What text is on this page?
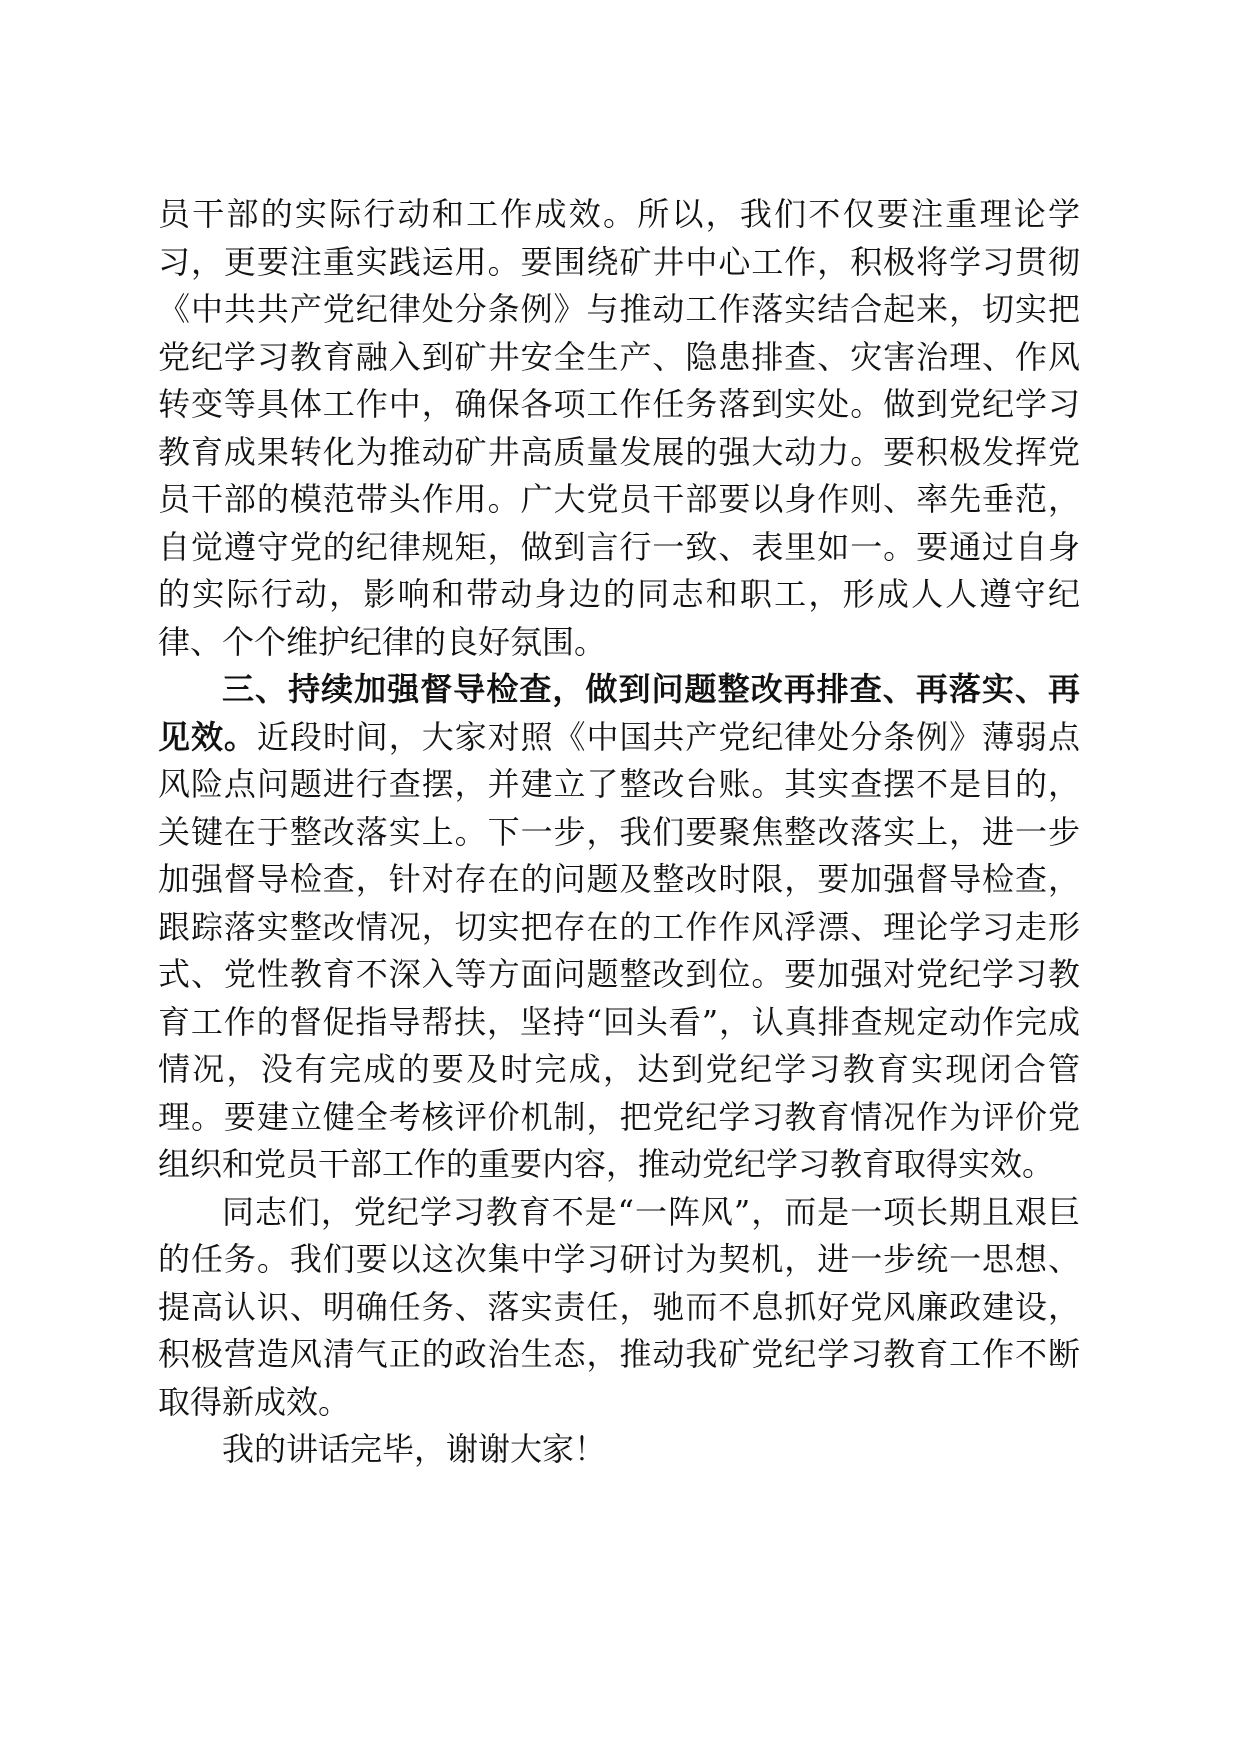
员干部的实际行动和工作成效。所以，我们不仅要注重理论学习，更要注重实践运用。要围绕矿井中心工作，积极将学习贯彻《中共共产党纪律处分条例》与推动工作落实结合起来，切实把党纪学习教育融入到矿井安全生产、隐患排查、灾害治理、作风转变等具体工作中，确保各项工作任务落到实处。做到党纪学习教育成果转化为推动矿井高质量发展的强大动力。要积极发挥党员干部的模范带头作用。广大党员干部要以身作则、率先垂范，自觉遵守党的纪律规矩，做到言行一致、表里如一。要通过自身的实际行动，影响和带动身边的同志和职工，形成人人遵守纪律、个个维护纪律的良好氛围。

三、持续加强督导检查，做到问题整改再排查、再落实、再见效。近段时间，大家对照《中国共产党纪律处分条例》薄弱点风险点问题进行查摆，并建立了整改台账。其实查摆不是目的，关键在于整改落实上。下一步，我们要聚焦整改落实上，进一步加强督导检查，针对存在的问题及整改时限，要加强督导检查，跟踪落实整改情况，切实把存在的工作作风浮漂、理论学习走形式、党性教育不深入等方面问题整改到位。要加强对党纪学习教育工作的督促指导帮扶，坚持“回头看”，认真排查规定动作完成情况，没有完成的要及时完成，达到党纪学习教育实现闭合管理。要建立健全考核评价机制，把党纪学习教育情况作为评价党组织和党员干部工作的重要内容，推动党纪学习教育取得实效。

同志们，党纪学习教育不是“一阵风”，而是一项长期且艰巨的任务。我们要以这次集中学习研讨为契机，进一步统一思想、提高认识、明确任务、落实责任，驰而不息抓好党风廉政建设，积极营造风清气正的政治生态，推动我矿党纪学习教育工作不断取得新成效。

我的讲话完毕，谢谢大家！
